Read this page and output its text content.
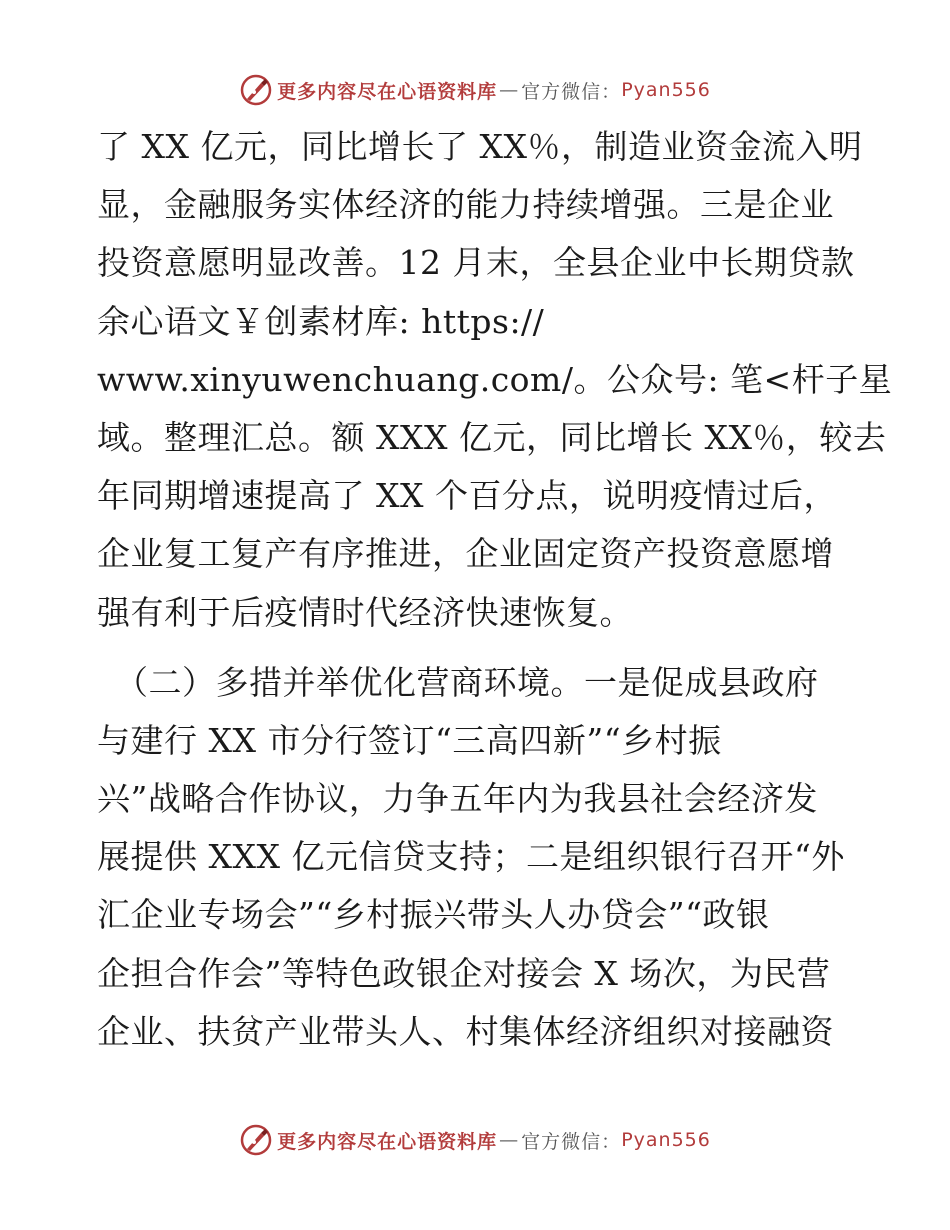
更多内容尽在心语资料库 — 官方微信： Pyan556
了 XX 亿元，同比增长了 XX％，制造业资金流入明
显，金融服务实体经济的能力持续增强。三是企业
投资意愿明显改善。12 月末，全县企业中长期贷款
余心语文￥创素材库: https://
www.xinyuwenchuang.com/。公众号: 笔<杆子星
域。整理汇总。额 XXX 亿元，同比增长 XX％，较去
年同期增速提高了 XX 个百分点，说明疫情过后，
企业复工复产有序推进，企业固定资产投资意愿增
强有利于后疫情时代经济快速恢复。
（二）多措并举优化营商环境。一是促成县政府
与建行 XX 市分行签订“三高四新”“乡村振
兴”战略合作协议，力争五年内为我县社会经济发
展提供 XXX 亿元信贷支持；二是组织银行召开“外
汇企业专场会”“乡村振兴带头人办贷会”“政银
企担合作会”等特色政银企对接会 X 场次，为民营
企业、扶贫产业带头人、村集体经济组织对接融资
更多内容尽在心语资料库 — 官方微信： Pyan556
